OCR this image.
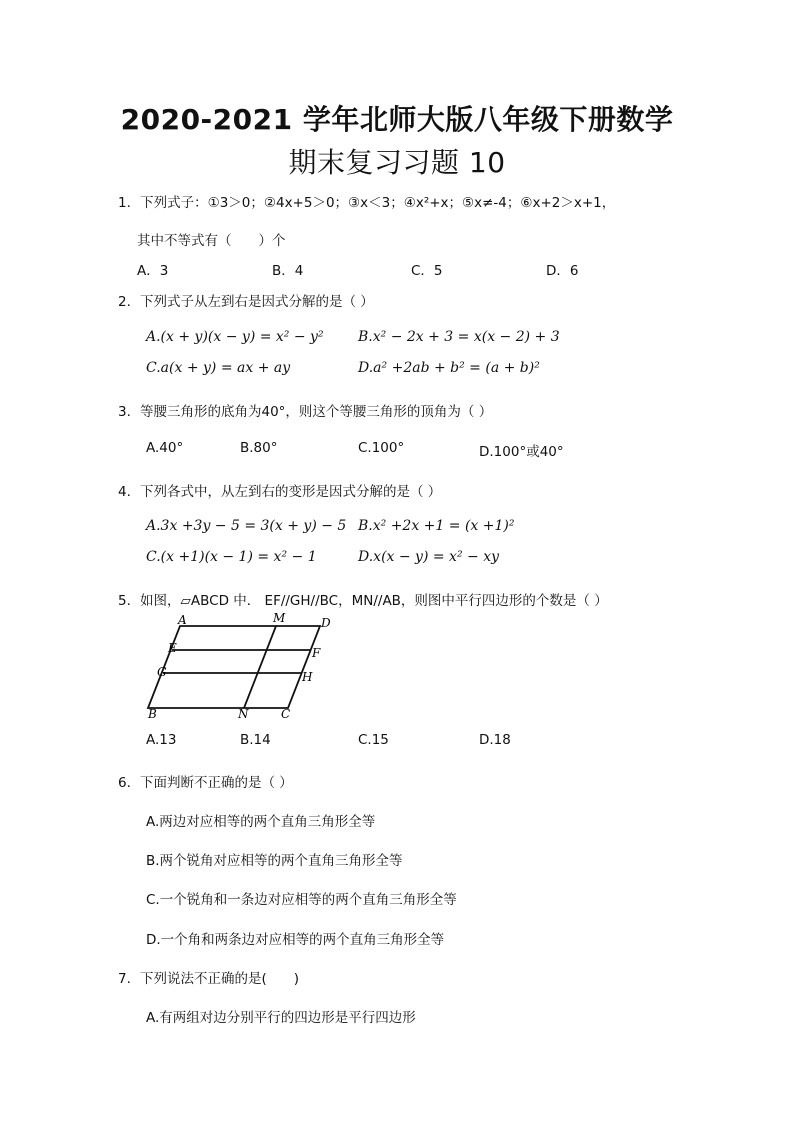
2020-2021 学年北师大版八年级下册数学
期末复习习题 10
1．下列式子：①3＞0；②4x+5＞0；③x＜3；④x²+x；⑤x≠-4；⑥x+2＞x+1，
其中不等式有（　　）个
A．3	B．4	C．5	D．6
2. 下列式子从左到右是因式分解的是（ ）
A.(x + y)(x − y) = x² − y² B.x² − 2x + 3 = x(x − 2) + 3
C.a(x + y) = ax + ay	D.a² +2ab + b² = (a + b)²
3. 等腰三角形的底角为40°，则这个等腰三角形的顶角为（ ）
A.40°	B.80°	C.100°	D.100°或40°
4. 下列各式中，从左到右的变形是因式分解的是（ ）
A.3x +3y − 5 = 3(x + y) − 5 B.x² +2x +1 = (x +1)²
C.(x +1)(x − 1) = x² − 1	D.x(x − y) = x² − xy
5. 如图，▱ABCD 中． EF//GH//BC，MN//AB，则图中平行四边形的个数是（ ）
A	M	D
E	F
G	H
B	N	C
A.13	B.14	C.15	D.18
6. 下面判断不正确的是（ ）
A.两边对应相等的两个直角三角形全等
B.两个锐角对应相等的两个直角三角形全等
C.一个锐角和一条边对应相等的两个直角三角形全等
D.一个角和两条边对应相等的两个直角三角形全等
7. 下列说法不正确的是(　　)
A.有两组对边分别平行的四边形是平行四边形
